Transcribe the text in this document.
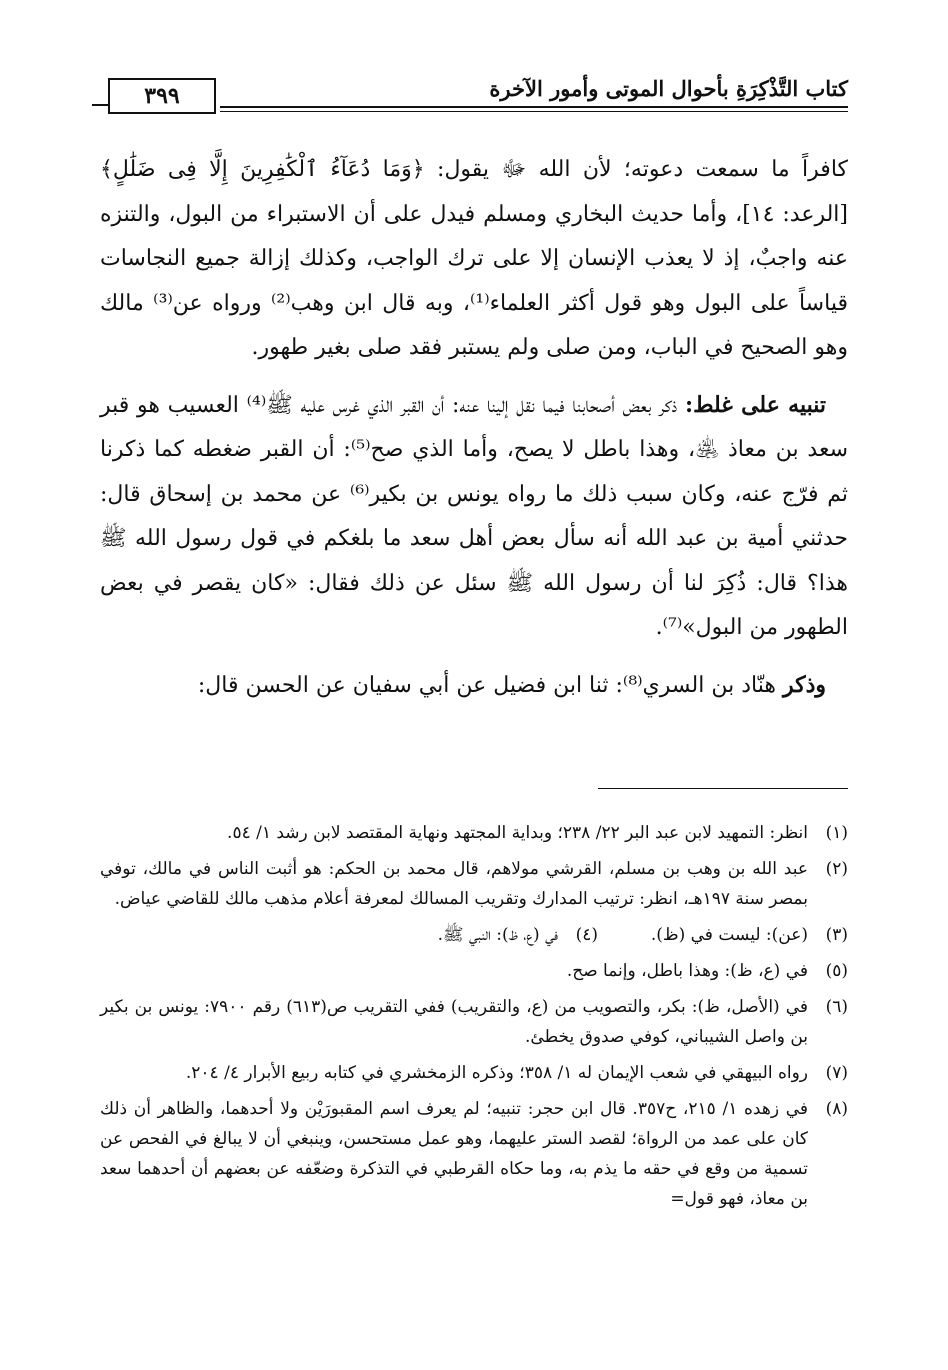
كتاب التَّذْكِرَةِ بأحوال الموتى وأمور الآخرة
٣٩٩

كافراً ما سمعت دعوته؛ لأن الله ﷻ يقول: ﴿وَمَا دُعَآءُ ٱلْكَٰفِرِينَ إِلَّا فِى ضَلَٰلٍ﴾ [الرعد: ١٤]، وأما حديث البخاري ومسلم فيدل على أن الاستبراء من البول، والتنزه عنه واجبٌ، إذ لا يعذب الإنسان إلا على ترك الواجب، وكذلك إزالة جميع النجاسات قياساً على البول وهو قول أكثر العلماء⁽¹⁾، وبه قال ابن وهب⁽²⁾ ورواه عن⁽³⁾ مالك وهو الصحيح في الباب، ومن صلى ولم يستبر فقد صلى بغير طهور.

تنبيه على غلط: ذكر بعض أصحابنا فيما نقل إلينا عنه: أن القبر الذي غرس عليه ﷺ⁽⁴⁾ العسيب هو قبر سعد بن معاذ ﵁، وهذا باطل لا يصح، وأما الذي صح⁽⁵⁾: أن القبر ضغطه كما ذكرنا ثم فرّج عنه، وكان سبب ذلك ما رواه يونس بن بكير⁽⁶⁾ عن محمد بن إسحاق قال: حدثني أمية بن عبد الله أنه سأل بعض أهل سعد ما بلغكم في قول رسول الله ﷺ هذا؟ قال: ذُكِرَ لنا أن رسول الله ﷺ سئل عن ذلك فقال: «كان يقصر في بعض الطهور من البول»⁽⁷⁾.

وذكر هنّاد بن السري⁽⁸⁾: ثنا ابن فضيل عن أبي سفيان عن الحسن قال:

(١)
انظر: التمهيد لابن عبد البر ٢٢/ ٢٣٨؛ وبداية المجتهد ونهاية المقتصد لابن رشد ١/ ٥٤.
(٢)
عبد الله بن وهب بن مسلم، القرشي مولاهم، قال محمد بن الحكم: هو أثبت الناس في مالك، توفي بمصر سنة ١٩٧هـ، انظر: ترتيب المدارك وتقريب المسالك لمعرفة أعلام مذهب مالك للقاضي عياض.
(٣)
(عن): ليست في (ظ).
(٤)
في (ع، ظ): النبي ﷺ.
(٥)
في (ع، ظ): وهذا باطل، وإنما صح.
(٦)
في (الأصل، ظ): بكر، والتصويب من (ع، والتقريب) ففي التقريب ص(٦١٣) رقم ٧٩٠٠: يونس بن بكير بن واصل الشيباني، كوفي صدوق يخطئ.
(٧)
رواه البيهقي في شعب الإيمان له ١/ ٣٥٨؛ وذكره الزمخشري في كتابه ربيع الأبرار ٤/ ٢٠٤.
(٨)
في زهده ١/ ٢١٥، ح٣٥٧. قال ابن حجر: تنبيه؛ لم يعرف اسم المقبورَيْن ولا أحدهما، والظاهر أن ذلك كان على عمد من الرواة؛ لقصد الستر عليهما، وهو عمل مستحسن، وينبغي أن لا يبالغ في الفحص عن تسمية من وقع في حقه ما يذم به، وما حكاه القرطبي في التذكرة وضعّفه عن بعضهم أن أحدهما سعد بن معاذ، فهو قول=
